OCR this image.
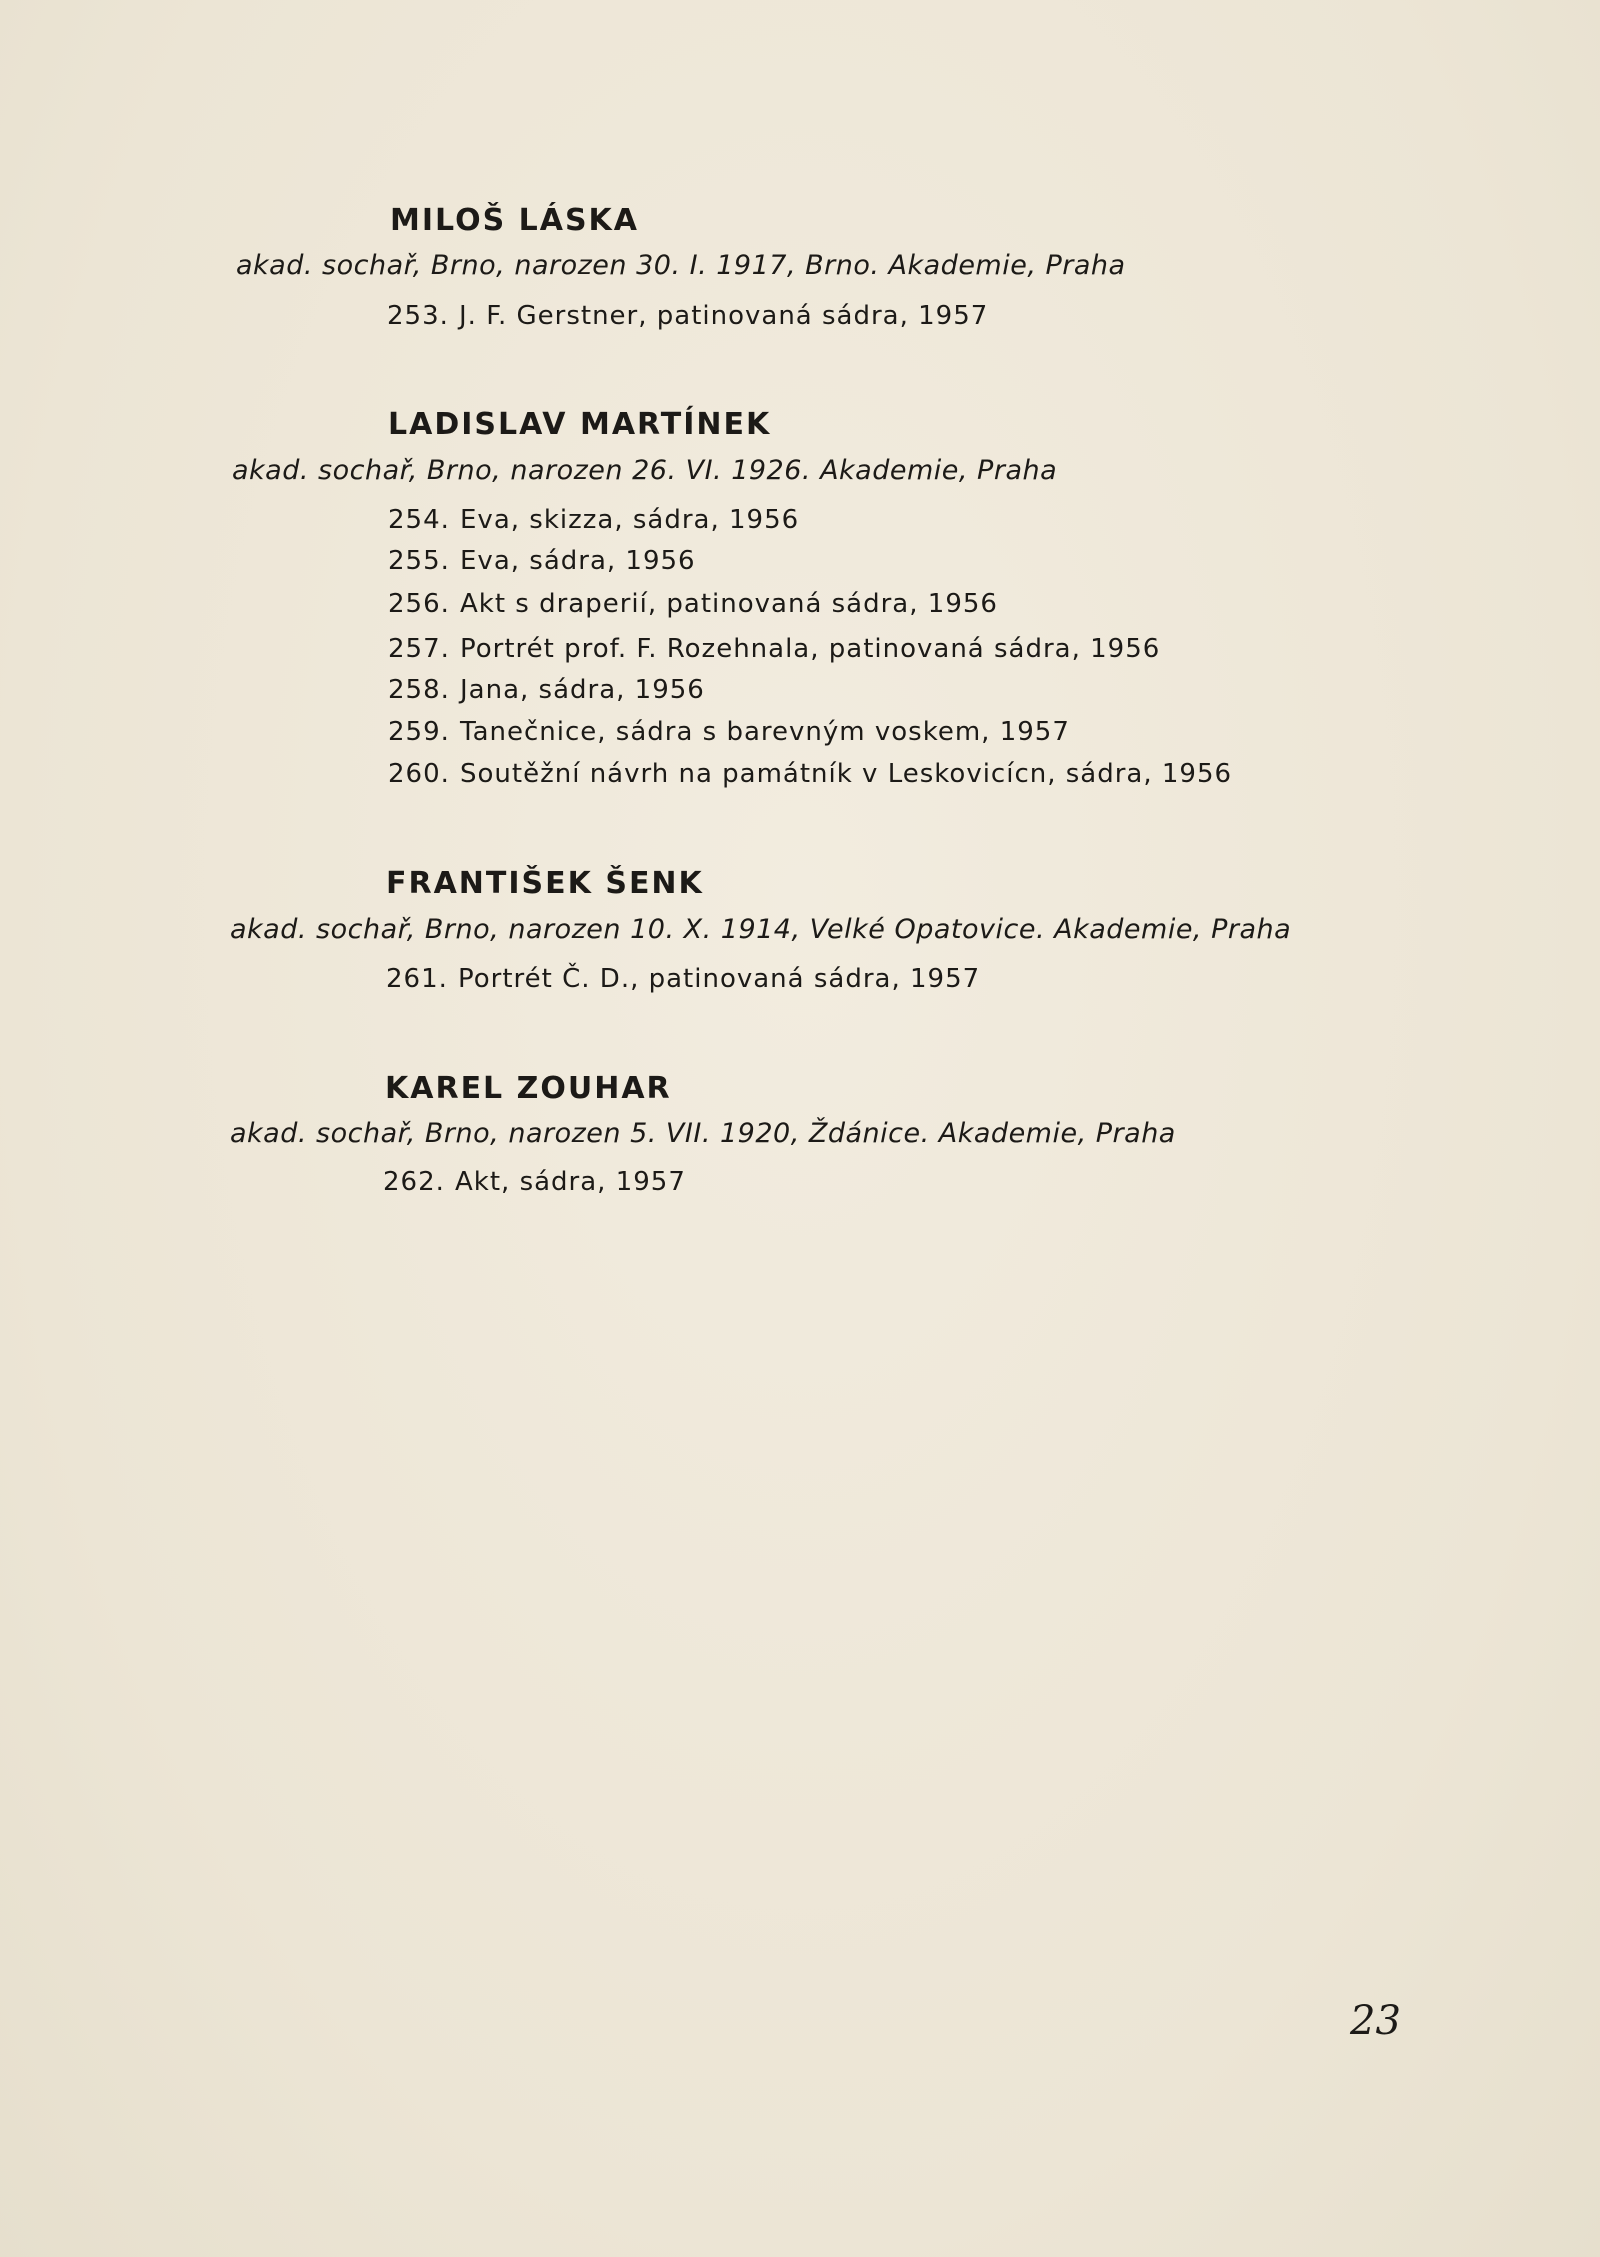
MILOŠ LÁSKA
akad. sochař, Brno, narozen 30. I. 1917, Brno. Akademie, Praha
253. J. F. Gerstner, patinovaná sádra, 1957
LADISLAV MARTÍNEK
akad. sochař, Brno, narozen 26. VI. 1926. Akademie, Praha
254. Eva, skizza, sádra, 1956
255. Eva, sádra, 1956
256. Akt s draperií, patinovaná sádra, 1956
257. Portrét prof. F. Rozehnala, patinovaná sádra, 1956
258. Jana, sádra, 1956
259. Tanečnice, sádra s barevným voskem, 1957
260. Soutěžní návrh na památník v Leskovicícn, sádra, 1956
FRANTIŠEK ŠENK
akad. sochař, Brno, narozen 10. X. 1914, Velké Opatovice. Akademie, Praha
261. Portrét Č. D., patinovaná sádra, 1957
KAREL ZOUHAR
akad. sochař, Brno, narozen 5. VII. 1920, Ždánice. Akademie, Praha
262. Akt, sádra, 1957
23
